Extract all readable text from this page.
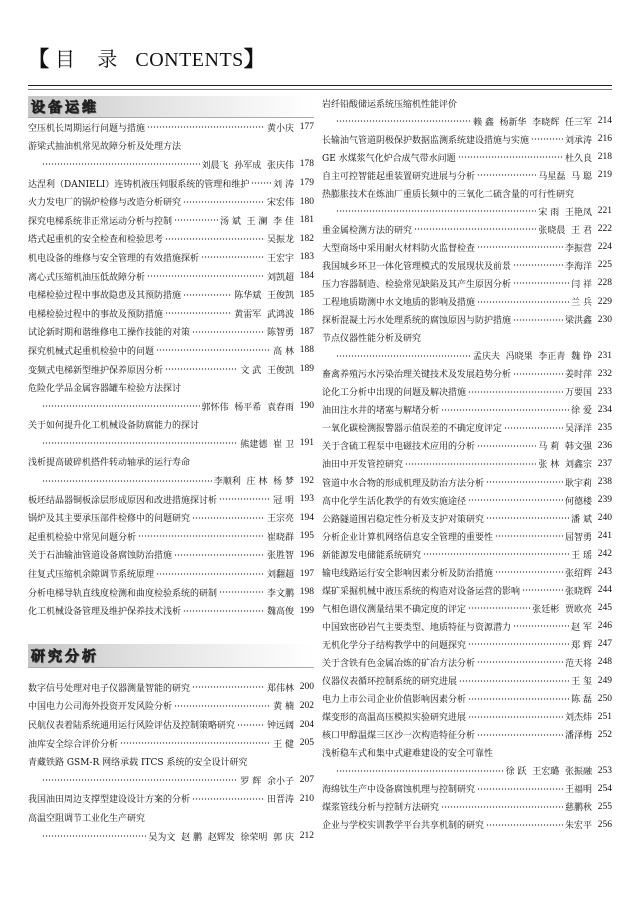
【 目 录 CONTENTS】
设备运维
空压机长周期运行问题与措施	黄小庆 177
游梁式抽油机常见故障分析及处理方法
刘晨飞  孙军成  张庆伟 178
达涅利（DANIELI）连铸机液压伺服系统的管理和维护	刘 涛 179
火力发电厂的锅炉检修与改造分析研究	宋宏伟 180
探究电梯系统非正常运动分析与控制	汤 斌  王 澜  李 佳 181
塔式起重机的安全检查和检验思考	吴振龙 182
机电设备的维修与安全管理的有效措施探析	王宏宇 183
离心式压缩机油压低故障分析	刘凯超 184
电梯检验过程中事故隐患及其预防措施	陈华斌  王俊凯 185
电梯检验过程中的事故及预防措施	黄雷军  武鸿波 186
试论新时期和谐维修电工操作技能的对策	陈智勇 187
探究机械式起重机检验中的问题	高 林 188
变频式电梯新型维护保养原因分析	文 武  王俊凯 189
危险化学品金属容器罐车检验方法探讨
郭怀伟  杨平希  袁春雨 190
关于如何提升化工机械设备防腐能力的探讨
熊建德  崔 卫 191
浅析提高破碎机搭件转动轴承的运行寿命
李顺利  庄 林  杨 梦 192
板坯结晶器铜板涂层形成原因和改进措施探讨析	冠 明 193
锅炉及其主要承压部件检修中的问题研究	王宗亮 194
起重机检验中常见问题分析	崔晓群 195
关于石油输油管道设备腐蚀防治措施	张胜智 196
往复式压缩机余隙调节系统原理	刘翻超 197
分析电梯导轨直线度检测和曲度检验系统的研制	李文鹏 198
化工机械设备管理及维护保养技术浅析	魏高俊 199
研究分析
数字信号处理对电子仪器测量智能的研究	郑伟林 200
中国电力公司海外投资开发风险分析	黄 楠 202
民航仪表着陆系统通用运行风险评估及控制策略研究	钟远阔 204
油库安全综合评价分析	王 健 205
青藏铁路 GSM-R 网络承载 ITCS 系统的安全设计研究
罗 辉  余小子 207
我国油田周边支撑型建设设计方案的分析	田晋涛 210
高温空阻调节工业化生产研究
吴为文  赵 鹏  赵辉发  徐荣明  郭 庆 212
岩纤铅酸储运系统压缩机性能评价
赖 鑫  杨新华  李晓辉  任三军 214
长输油气管道阴极保护数据监测系统建设措施与实施	刘承涛 216
GE 水煤浆气化炉合成气带水问题	杜久良 218
自主可控智能起重装置研究进展与分析	马星磊  马 聪 219
热膨胀技术在炼油厂重质长频中的三氧化二硫含量的可行性研究
宋 雨  王艳凤 221
重金属检测方法的研究	张晓晨  王 君 222
大型商场中采用耐火材料防火监督检查	李振营 224
我国城乡环卫一体化管理模式的发展现状及前景	李海洋 225
压力容器制造、检验常见缺陷及其产生原因分析	闫 祥 228
工程地质勘测中水文地质的影响及措施	兰 兵 229
探析混凝土污水处理系统的腐蚀原因与防护措施	梁洪鑫 230
节点仪器性能分析及研究
孟庆夫  冯晓果  李正青  魏 铮 231
畜禽养殖污水污染治理关键技术及发展趋势分析	姜时萍 232
论化工分析中出现的问题及解决措施	万要国 233
油田注水井的堵塞与解堵分析	徐 爱 234
一氧化碳检测报警器示值误差的不确定度评定	吴泽洋 235
关于含硫工程泵中电磁技术应用的分析	马 莉  韩文强 236
油田中开发管控研究	张 林  刘鑫宗 237
管道中水合物的形成机理及防治方法分析	耿宇莉 238
高中化学生活化教学的有效实施途径	何德楼 239
公路隧道围岩稳定性分析及支护对策研究	潘 斌 240
分析企业计算机网络信息安全管理的重要性	屈智勇 241
新能源发电储能系统研究	王 瑶 242
输电线路运行安全影响因素分析及防治措施	张绍辉 243
煤矿采掘机械中液压系统的构造对设备运营的影响	张晓辉 244
气相色谱仪测量结果不确定度的评定	张廷彬  贾欧亮 245
中国致密砂岩气主要类型、地质特征与资源潜力	赵 军 246
无机化学分子结构教学中的问题探究	郑 辉 247
关于含铁有色金属冶炼的矿冶方法分析	范天将 248
仪器仪表循环控制系统的研究进展	王 玺 249
电力上市公司企业价值影响因素分析	陈 磊 250
煤变形的高温高压模拟实验研究进展	刘杰炜 251
核口甲醇温煤三区沙一次构造特征分析	潘泽梅 252
浅析稳车式和集中式避难建设的安全可靠性
徐 跃  王宏璐  张振融 253
海绵钛生产中设备腐蚀机理与控制研究	王福明 254
煤浆管线分析与控制方法研究	慈鹏秋 255
企业与学校实训教学平台共享机制的研究	朱宏平 256
